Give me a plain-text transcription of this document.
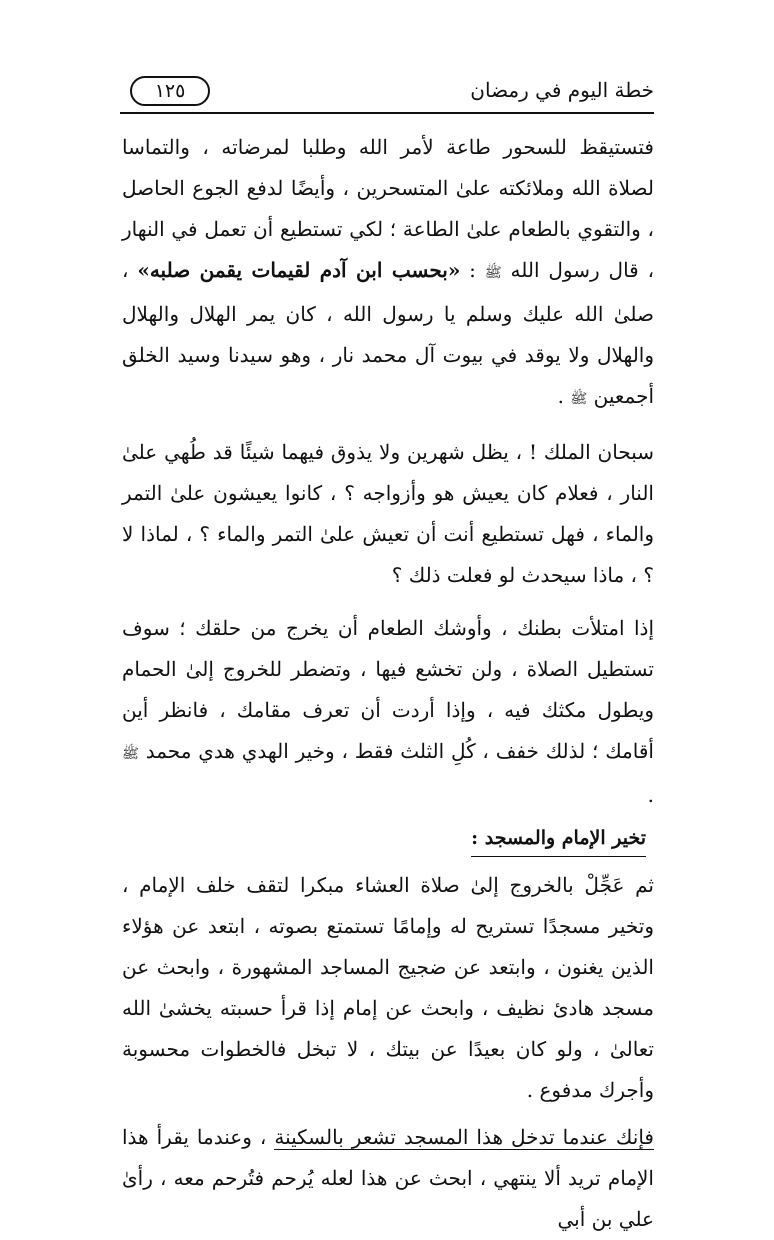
خطة اليوم في رمضان
١٢٥

فتستيقظ للسحور طاعة لأمر الله وطلبا لمرضاته ، والتماسا لصلاة الله وملائكته علىٰ المتسحرين ، وأيضًا لدفع الجوع الحاصل ، والتقوي بالطعام علىٰ الطاعة ؛ لكي تستطيع أن تعمل في النهار ، قال رسول الله ﷺ : «بحسب ابن آدم لقيمات يقمن صلبه» ، صلىٰ الله عليك وسلم يا رسول الله ، كان يمر الهلال والهلال والهلال ولا يوقد في بيوت آل محمد نار ، وهو سيدنا وسيد الخلق أجمعين ﷺ .

سبحان الملك ! ، يظل شهرين ولا يذوق فيهما شيئًا قد طُهي علىٰ النار ، فعلام كان يعيش هو وأزواجه ؟ ، كانوا يعيشون علىٰ التمر والماء ، فهل تستطيع أنت أن تعيش علىٰ التمر والماء ؟ ، لماذا لا ؟ ، ماذا سيحدث لو فعلت ذلك ؟

إذا امتلأت بطنك ، وأوشك الطعام أن يخرج من حلقك ؛ سوف تستطيل الصلاة ، ولن تخشع فيها ، وتضطر للخروج إلىٰ الحمام ويطول مكثك فيه ، وإذا أردت أن تعرف مقامك ، فانظر أين أقامك ؛ لذلك خفف ، كُلِ الثلث فقط ، وخير الهدي هدي محمد ﷺ .

تخير الإمام والمسجد :

ثم عَجِّلْ بالخروج إلىٰ صلاة العشاء مبكرا لتقف خلف الإمام ، وتخير مسجدًا تستريح له وإمامًا تستمتع بصوته ، ابتعد عن هؤلاء الذين يغنون ، وابتعد عن ضجيج المساجد المشهورة ، وابحث عن مسجد هادئ نظيف ، وابحث عن إمام إذا قرأ حسبته يخشىٰ الله تعالىٰ ، ولو كان بعيدًا عن بيتك ، لا تبخل فالخطوات محسوبة وأجرك مدفوع .

فإنك عندما تدخل هذا المسجد تشعر بالسكينة ، وعندما يقرأ هذا الإمام تريد ألا ينتهي ، ابحث عن هذا لعله يُرحم فتُرحم معه ، رأىٰ علي بن أبي
